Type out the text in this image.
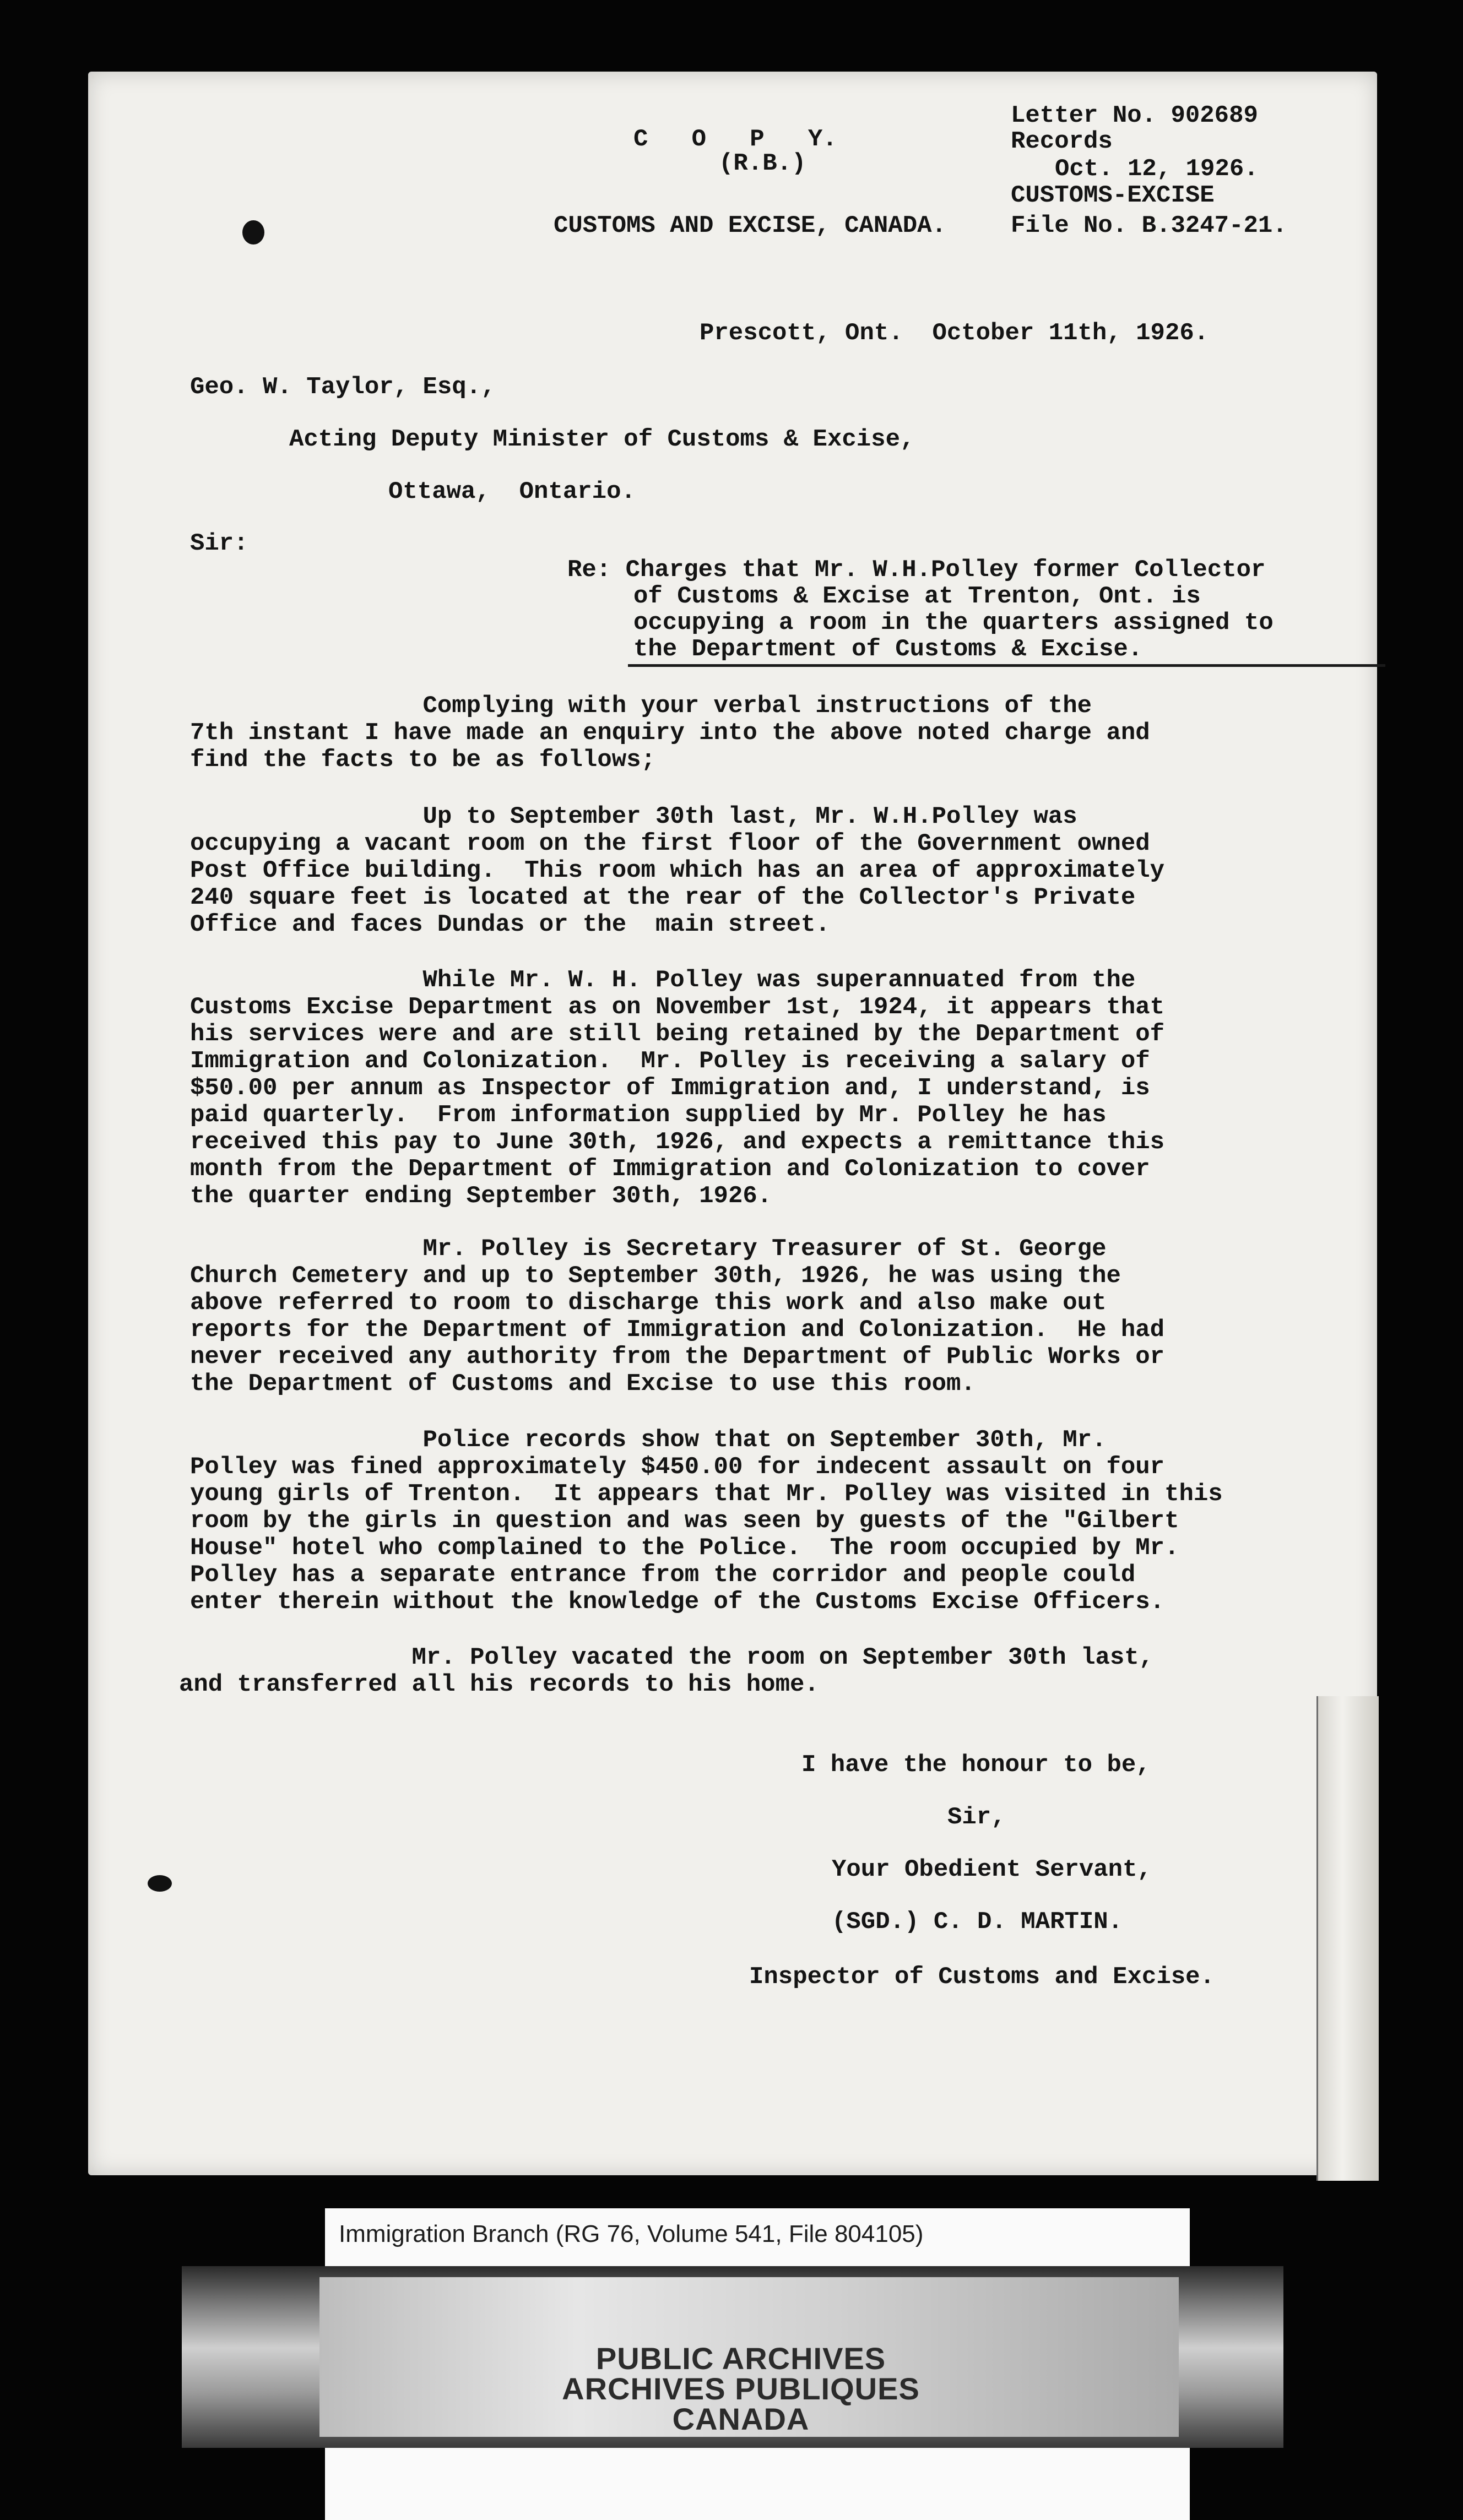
C   O   P   Y.
(R.B.)
CUSTOMS AND EXCISE, CANADA.
Letter No. 902689
Records
Oct. 12, 1926.
CUSTOMS-EXCISE
File No. B.3247-21.
Prescott, Ont.  October 11th, 1926.
Geo. W. Taylor, Esq.,
Acting Deputy Minister of Customs & Excise,
Ottawa,  Ontario.
Sir:
Re: Charges that Mr. W.H.Polley former Collector
of Customs & Excise at Trenton, Ont. is
occupying a room in the quarters assigned to
the Department of Customs & Excise.
Complying with your verbal instructions of the
7th instant I have made an enquiry into the above noted charge and
find the facts to be as follows;
Up to September 30th last, Mr. W.H.Polley was
occupying a vacant room on the first floor of the Government owned
Post Office building.  This room which has an area of approximately
240 square feet is located at the rear of the Collector's Private
Office and faces Dundas or the  main street.
While Mr. W. H. Polley was superannuated from the
Customs Excise Department as on November 1st, 1924, it appears that
his services were and are still being retained by the Department of
Immigration and Colonization.  Mr. Polley is receiving a salary of
$50.00 per annum as Inspector of Immigration and, I understand, is
paid quarterly.  From information supplied by Mr. Polley he has
received this pay to June 30th, 1926, and expects a remittance this
month from the Department of Immigration and Colonization to cover
the quarter ending September 30th, 1926.
Mr. Polley is Secretary Treasurer of St. George
Church Cemetery and up to September 30th, 1926, he was using the
above referred to room to discharge this work and also make out
reports for the Department of Immigration and Colonization.  He had
never received any authority from the Department of Public Works or
the Department of Customs and Excise to use this room.
Police records show that on September 30th, Mr.
Polley was fined approximately $450.00 for indecent assault on four
young girls of Trenton.  It appears that Mr. Polley was visited in this
room by the girls in question and was seen by guests of the "Gilbert
House" hotel who complained to the Police.  The room occupied by Mr.
Polley has a separate entrance from the corridor and people could
enter therein without the knowledge of the Customs Excise Officers.
Mr. Polley vacated the room on September 30th last,
and transferred all his records to his home.
I have the honour to be,
Sir,
Your Obedient Servant,
(SGD.) C. D. MARTIN.
Inspector of Customs and Excise.
Immigration Branch (RG 76, Volume 541, File 804105)
PUBLIC ARCHIVES
ARCHIVES PUBLIQUES
CANADA
